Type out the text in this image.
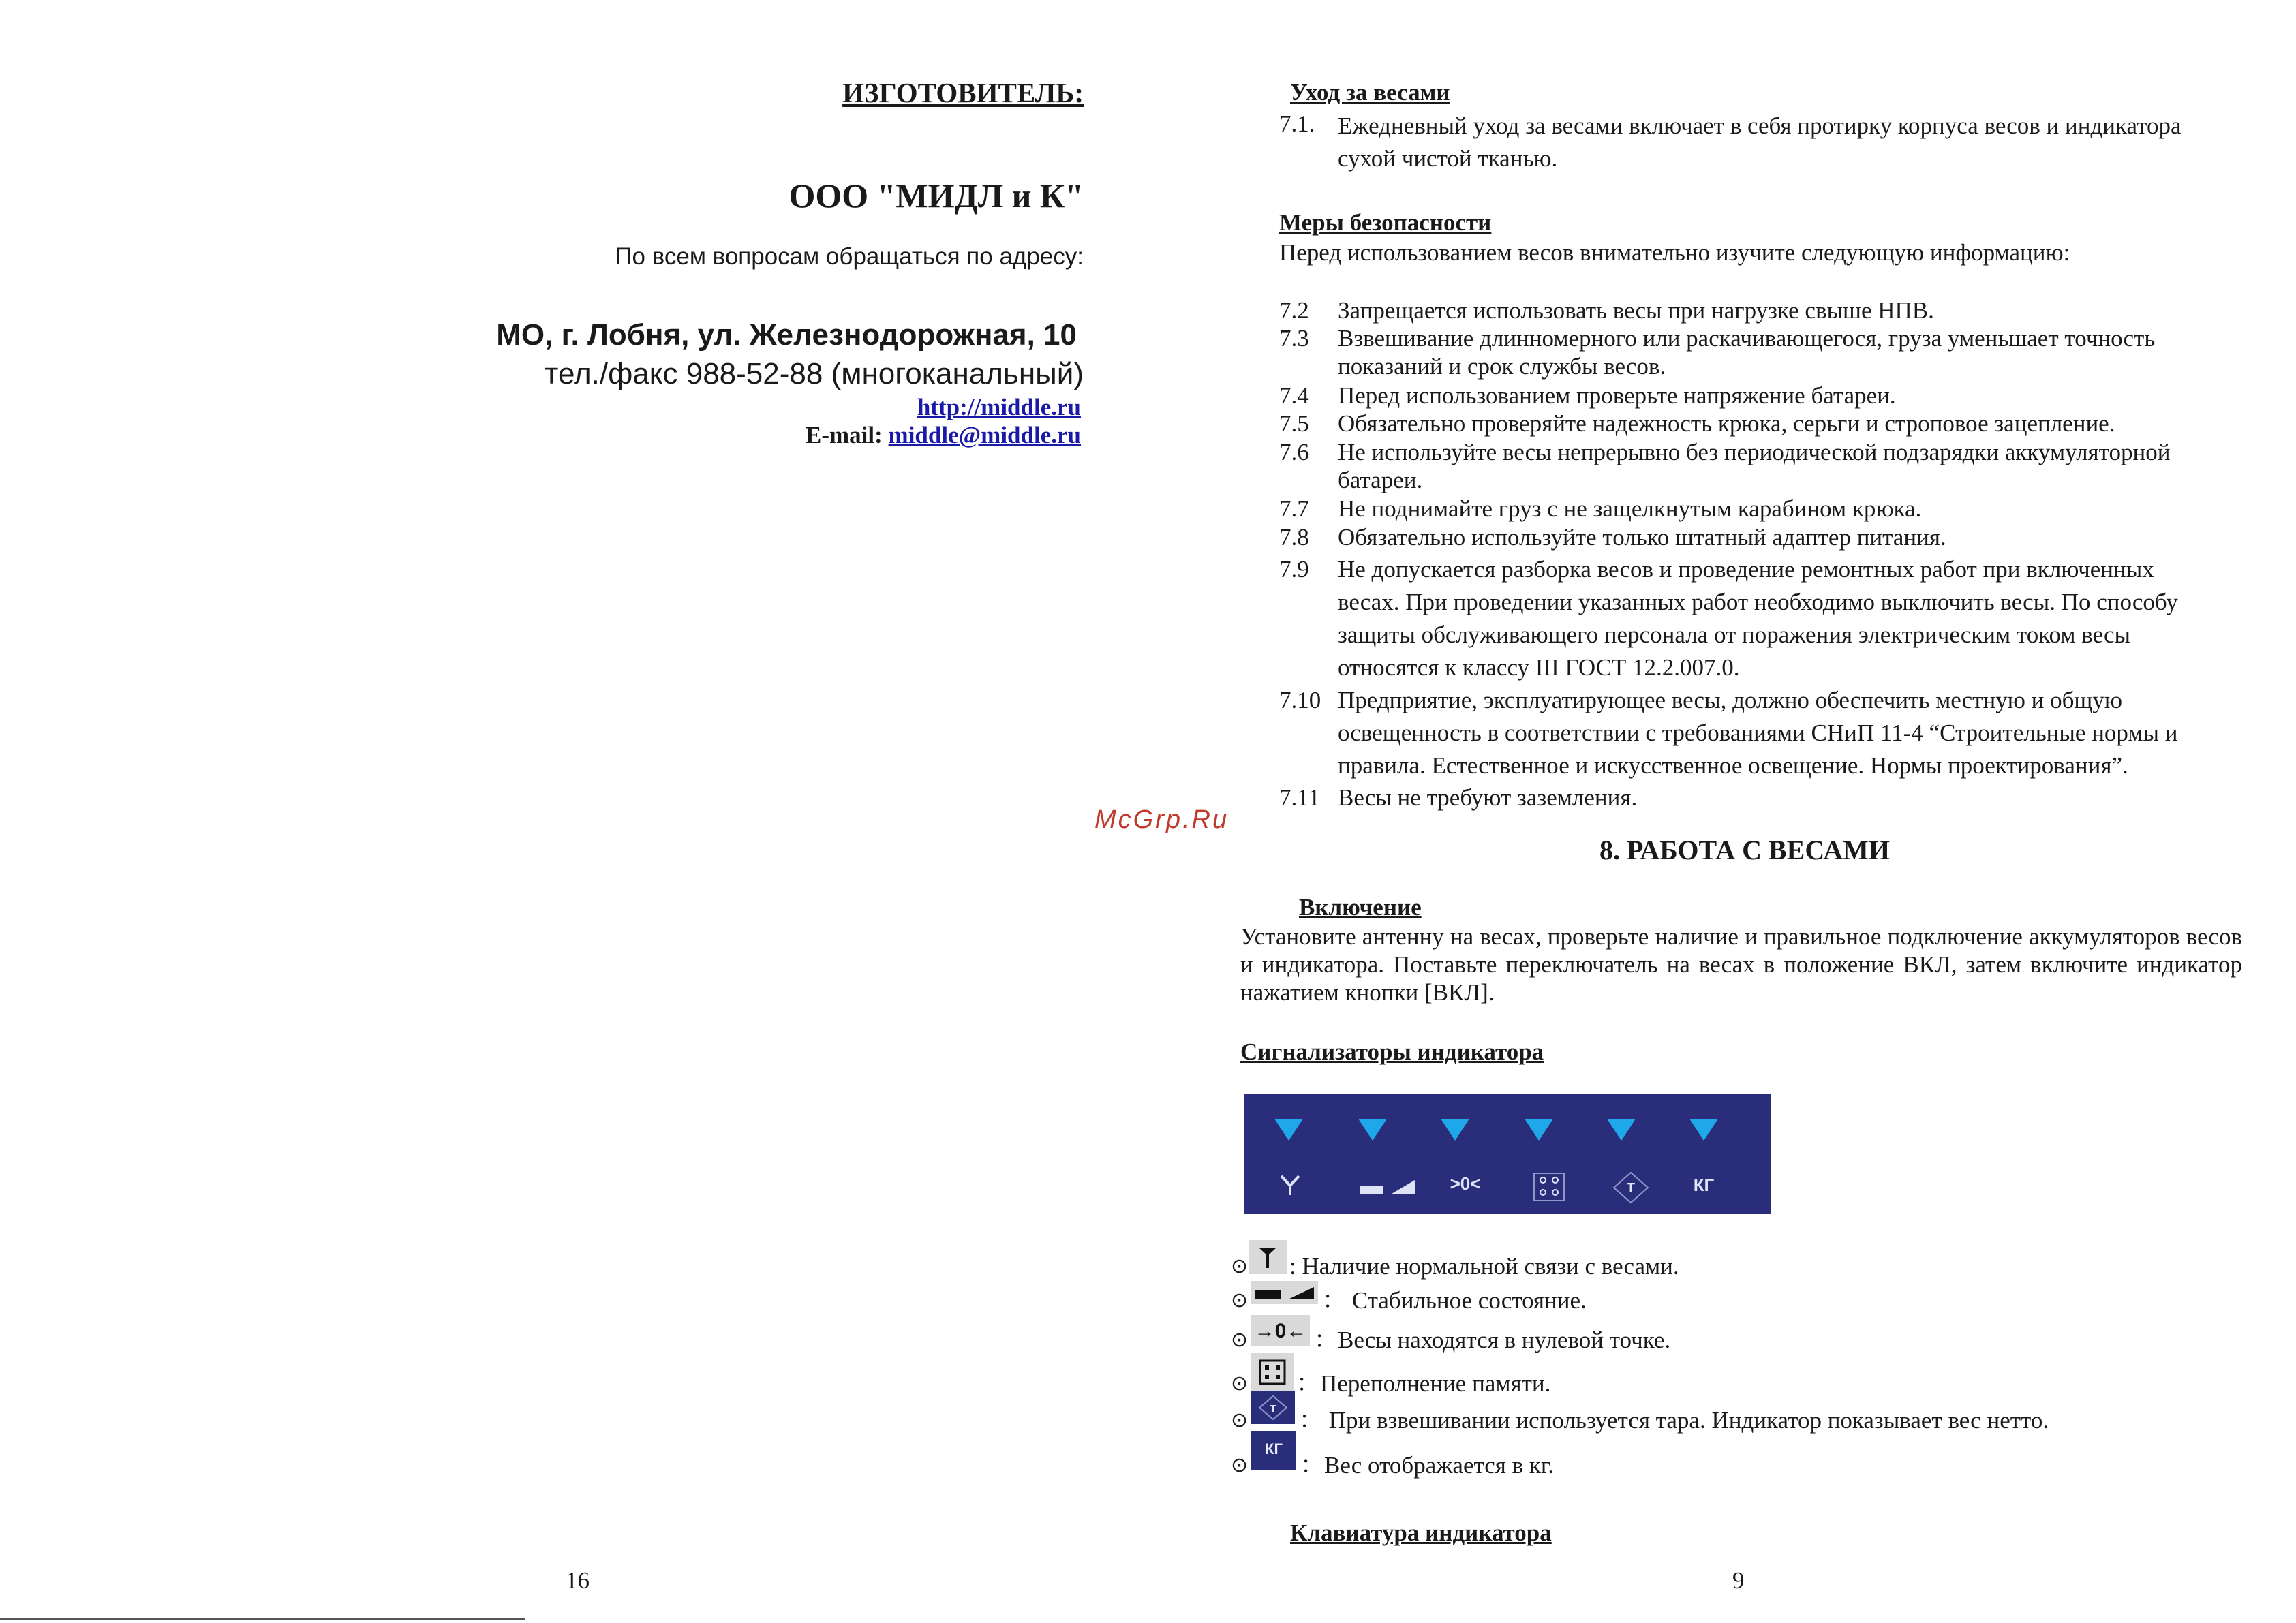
ИЗГОТОВИТЕЛЬ:
ООО "МИДЛ и К"
По всем вопросам обращаться по адресу:
МО, г. Лобня, ул. Железнодорожная, 10
тел./факс 988-52-88 (многоканальный)
http://middle.ru
E-mail: middle@middle.ru
16
McGrp.Ru
Уход за весами
7.1. Ежедневный уход за весами включает в себя протирку корпуса весов и индикатора сухой чистой тканью.
Меры безопасности
Перед использованием весов внимательно изучите следующую информацию:
7.2 Запрещается использовать весы при нагрузке свыше НПВ.
7.3 Взвешивание длинномерного или раскачивающегося, груза уменьшает точность показаний и срок службы весов.
7.4 Перед использованием проверьте напряжение батареи.
7.5 Обязательно проверяйте надежность крюка, серьги и строповое зацепление.
7.6 Не используйте весы непрерывно без периодической подзарядки аккумуляторной батареи.
7.7 Не поднимайте груз с не защелкнутым карабином крюка.
7.8 Обязательно используйте только штатный адаптер питания.
7.9 Не допускается разборка весов и проведение ремонтных работ при включенных весах. При проведении указанных работ необходимо выключить весы. По способу защиты обслуживающего персонала от поражения электрическим током весы относятся к классу III ГОСТ 12.2.007.0.
7.10 Предприятие, эксплуатирующее весы, должно обеспечить местную и общую освещенность в соответствии с требованиями СНиП 11-4 “Строительные нормы и правила. Естественное и искусственное освещение. Нормы проектирования”.
7.11 Весы не требуют заземления.
8. РАБОТА С ВЕСАМИ
Включение
Установите антенну на весах, проверьте наличие и правильное подключение аккумуляторов весов и индикатора. Поставьте переключатель на весах в положение ВКЛ, затем включите индикатор нажатием кнопки [ВКЛ].
Сигнализаторы индикатора
>0<	T	КГ
⊙ : Наличие нормальной связи с весами.
⊙	： Стабильное состояние.
⊙ →0← ：Весы находятся в нулевой точке.
⊙ ：Переполнение памяти.
⊙ T ： При взвешивании используется тара. Индикатор показывает вес нетто.
⊙
КГ
：Вес отображается в кг.
Клавиатура индикатора
9
